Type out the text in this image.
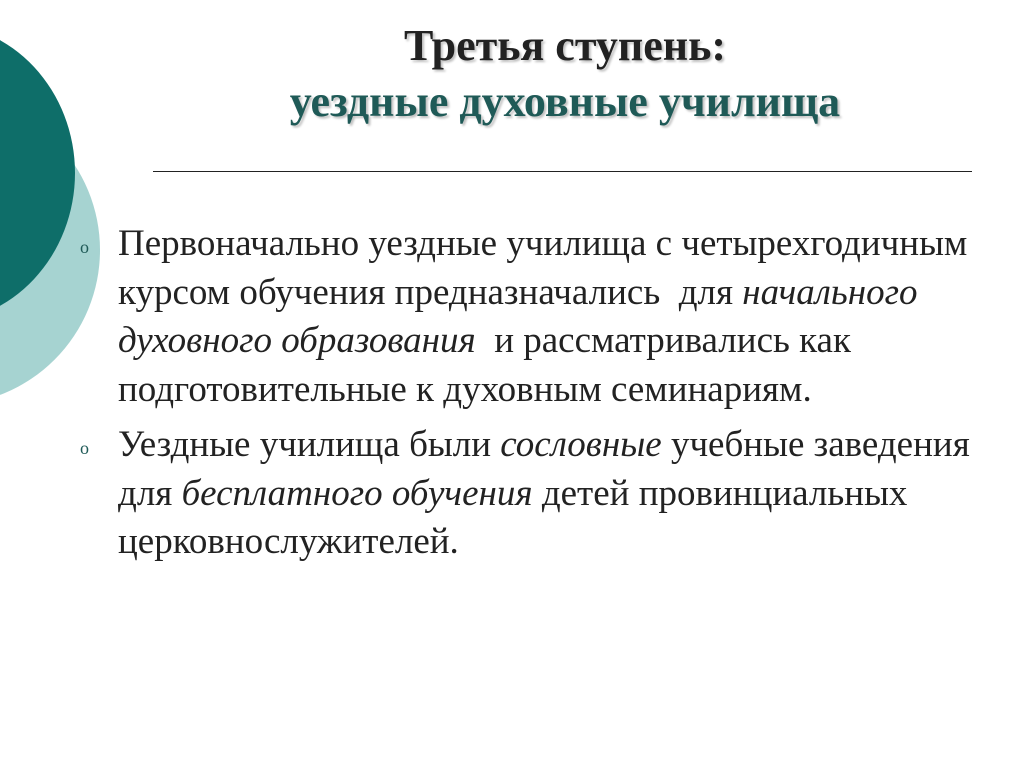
Третья ступень:
уездные духовные училища
o Первоначально уездные училища с четырехгодичным курсом обучения предназначались  для начального духовного образования  и рассматривались как подготовительные к духовным семинариям.
o Уездные училища были сословные учебные заведения для бесплатного обучения детей провинциальных церковнослужителей.
